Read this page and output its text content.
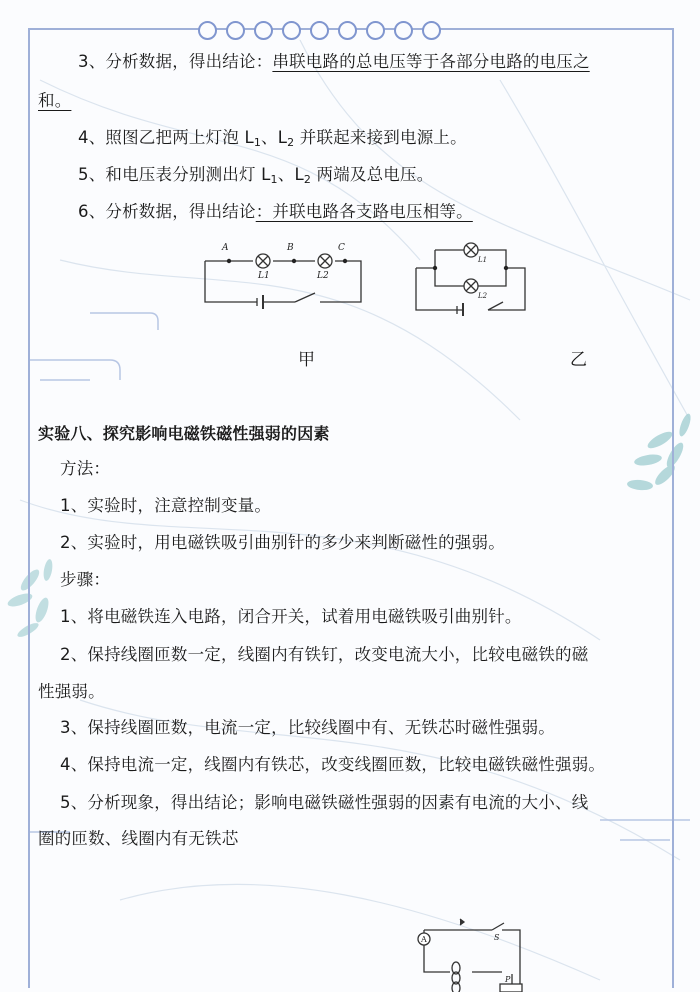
3、分析数据，得出结论：串联电路的总电压等于各部分电路的电压之
和。
4、照图乙把两上灯泡 $L_1$、$L_2$ 并联起来接到电源上。
5、和电压表分别测出灯 $L_1$、$L_2$ 两端及总电压。
6、分析数据，得出结论：并联电路各支路电压相等。
A	B	C
L1	L2
L1
L2
甲	乙
实验八、探究影响电磁铁磁性强弱的因素
方法：
1、实验时，注意控制变量。
2、实验时，用电磁铁吸引曲别针的多少来判断磁性的强弱。
步骤：
1、将电磁铁连入电路，闭合开关，试着用电磁铁吸引曲别针。
2、保持线圈匝数一定，线圈内有铁钉，改变电流大小，比较电磁铁的磁
性强弱。
3、保持线圈匝数，电流一定，比较线圈中有、无铁芯时磁性强弱。
4、保持电流一定，线圈内有铁芯，改变线圈匝数，比较电磁铁磁性强弱。
5、分析现象，得出结论；影响电磁铁磁性强弱的因素有电流的大小、线
圈的匝数、线圈内有无铁芯
A	S
P
